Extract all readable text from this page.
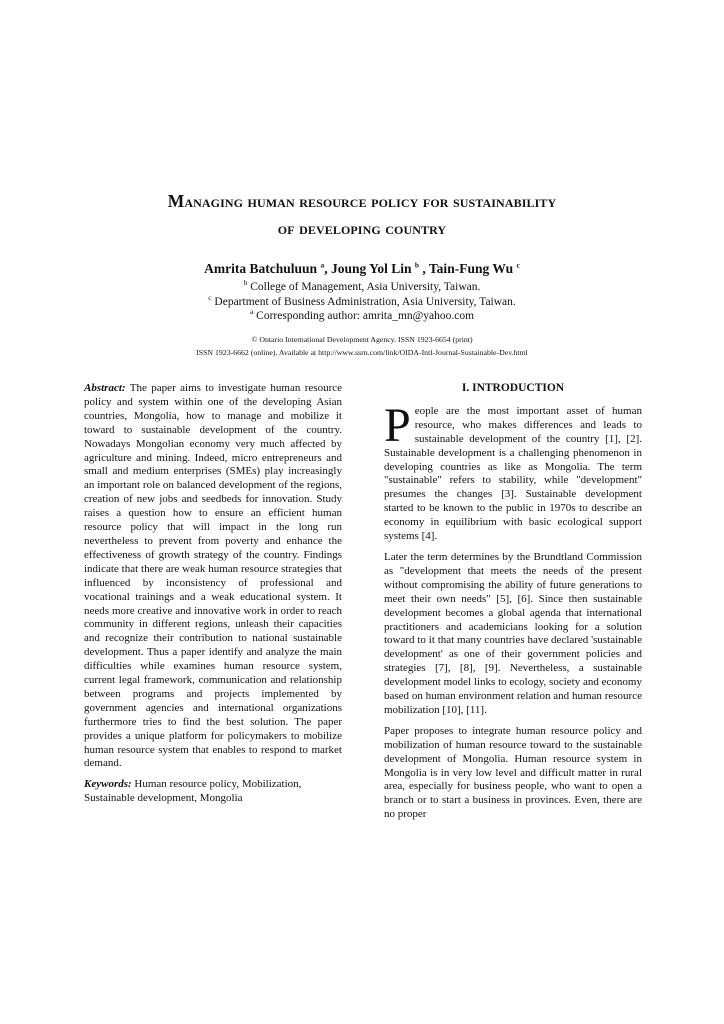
Managing human resource policy for sustainability
of developing country
Amrita Batchuluun $^a$, Joung Yol Lin $^b$ , Tain-Fung Wu $^c$
$^b$ College of Management, Asia University, Taiwan.
$^c$ Department of Business Administration, Asia University, Taiwan.
$^a$ Corresponding author: amrita_mn@yahoo.com
© Ontario International Development Agency. ISSN 1923-6654 (print)
ISSN 1923-6662 (online). Available at http://www.ssrn.com/link/OIDA-Intl-Journal-Sustainable-Dev.html

Abstract: The paper aims to investigate human resource policy and system within one of the developing Asian countries, Mongolia, how to manage and mobilize it toward to sustainable development of the country. Nowadays Mongolian economy very much affected by agriculture and mining. Indeed, micro entrepreneurs and small and medium enterprises (SMEs) play increasingly an important role on balanced development of the regions, creation of new jobs and seedbeds for innovation. Study raises a question how to ensure an efficient human resource policy that will impact in the long run nevertheless to prevent from poverty and enhance the effectiveness of growth strategy of the country. Findings indicate that there are weak human resource strategies that influenced by inconsistency of professional and vocational trainings and a weak educational system. It needs more creative and innovative work in order to reach community in different regions, unleash their capacities and recognize their contribution to national sustainable development. Thus a paper identify and analyze the main difficulties while examines human resource system, current legal framework, communication and relationship between programs and projects implemented by government agencies and international organizations furthermore tries to find the best solution. The paper provides a unique platform for policymakers to mobilize human resource system that enables to respond to market demand.

Keywords: Human resource policy, Mobilization, Sustainable development, Mongolia

I. INTRODUCTION

People are the most important asset of human resource, who makes differences and leads to sustainable development of the country [1], [2]. Sustainable development is a challenging phenomenon in developing countries as like as Mongolia. The term "sustainable" refers to stability, while "development" presumes the changes [3]. Sustainable development started to be known to the public in 1970s to describe an economy in equilibrium with basic ecological support systems [4].

Later the term determines by the Brundtland Commission as "development that meets the needs of the present without compromising the ability of future generations to meet their own needs" [5], [6]. Since then sustainable development becomes a global agenda that international practitioners and academicians looking for a solution toward to it that many countries have declared 'sustainable development' as one of their government policies and strategies [7], [8], [9]. Nevertheless, a sustainable development model links to ecology, society and economy based on human environment relation and human resource mobilization [10], [11].

Paper proposes to integrate human resource policy and mobilization of human resource toward to the sustainable development of Mongolia. Human resource system in Mongolia is in very low level and difficult matter in rural area, especially for business people, who want to open a branch or to start a business in provinces. Even, there are no proper
